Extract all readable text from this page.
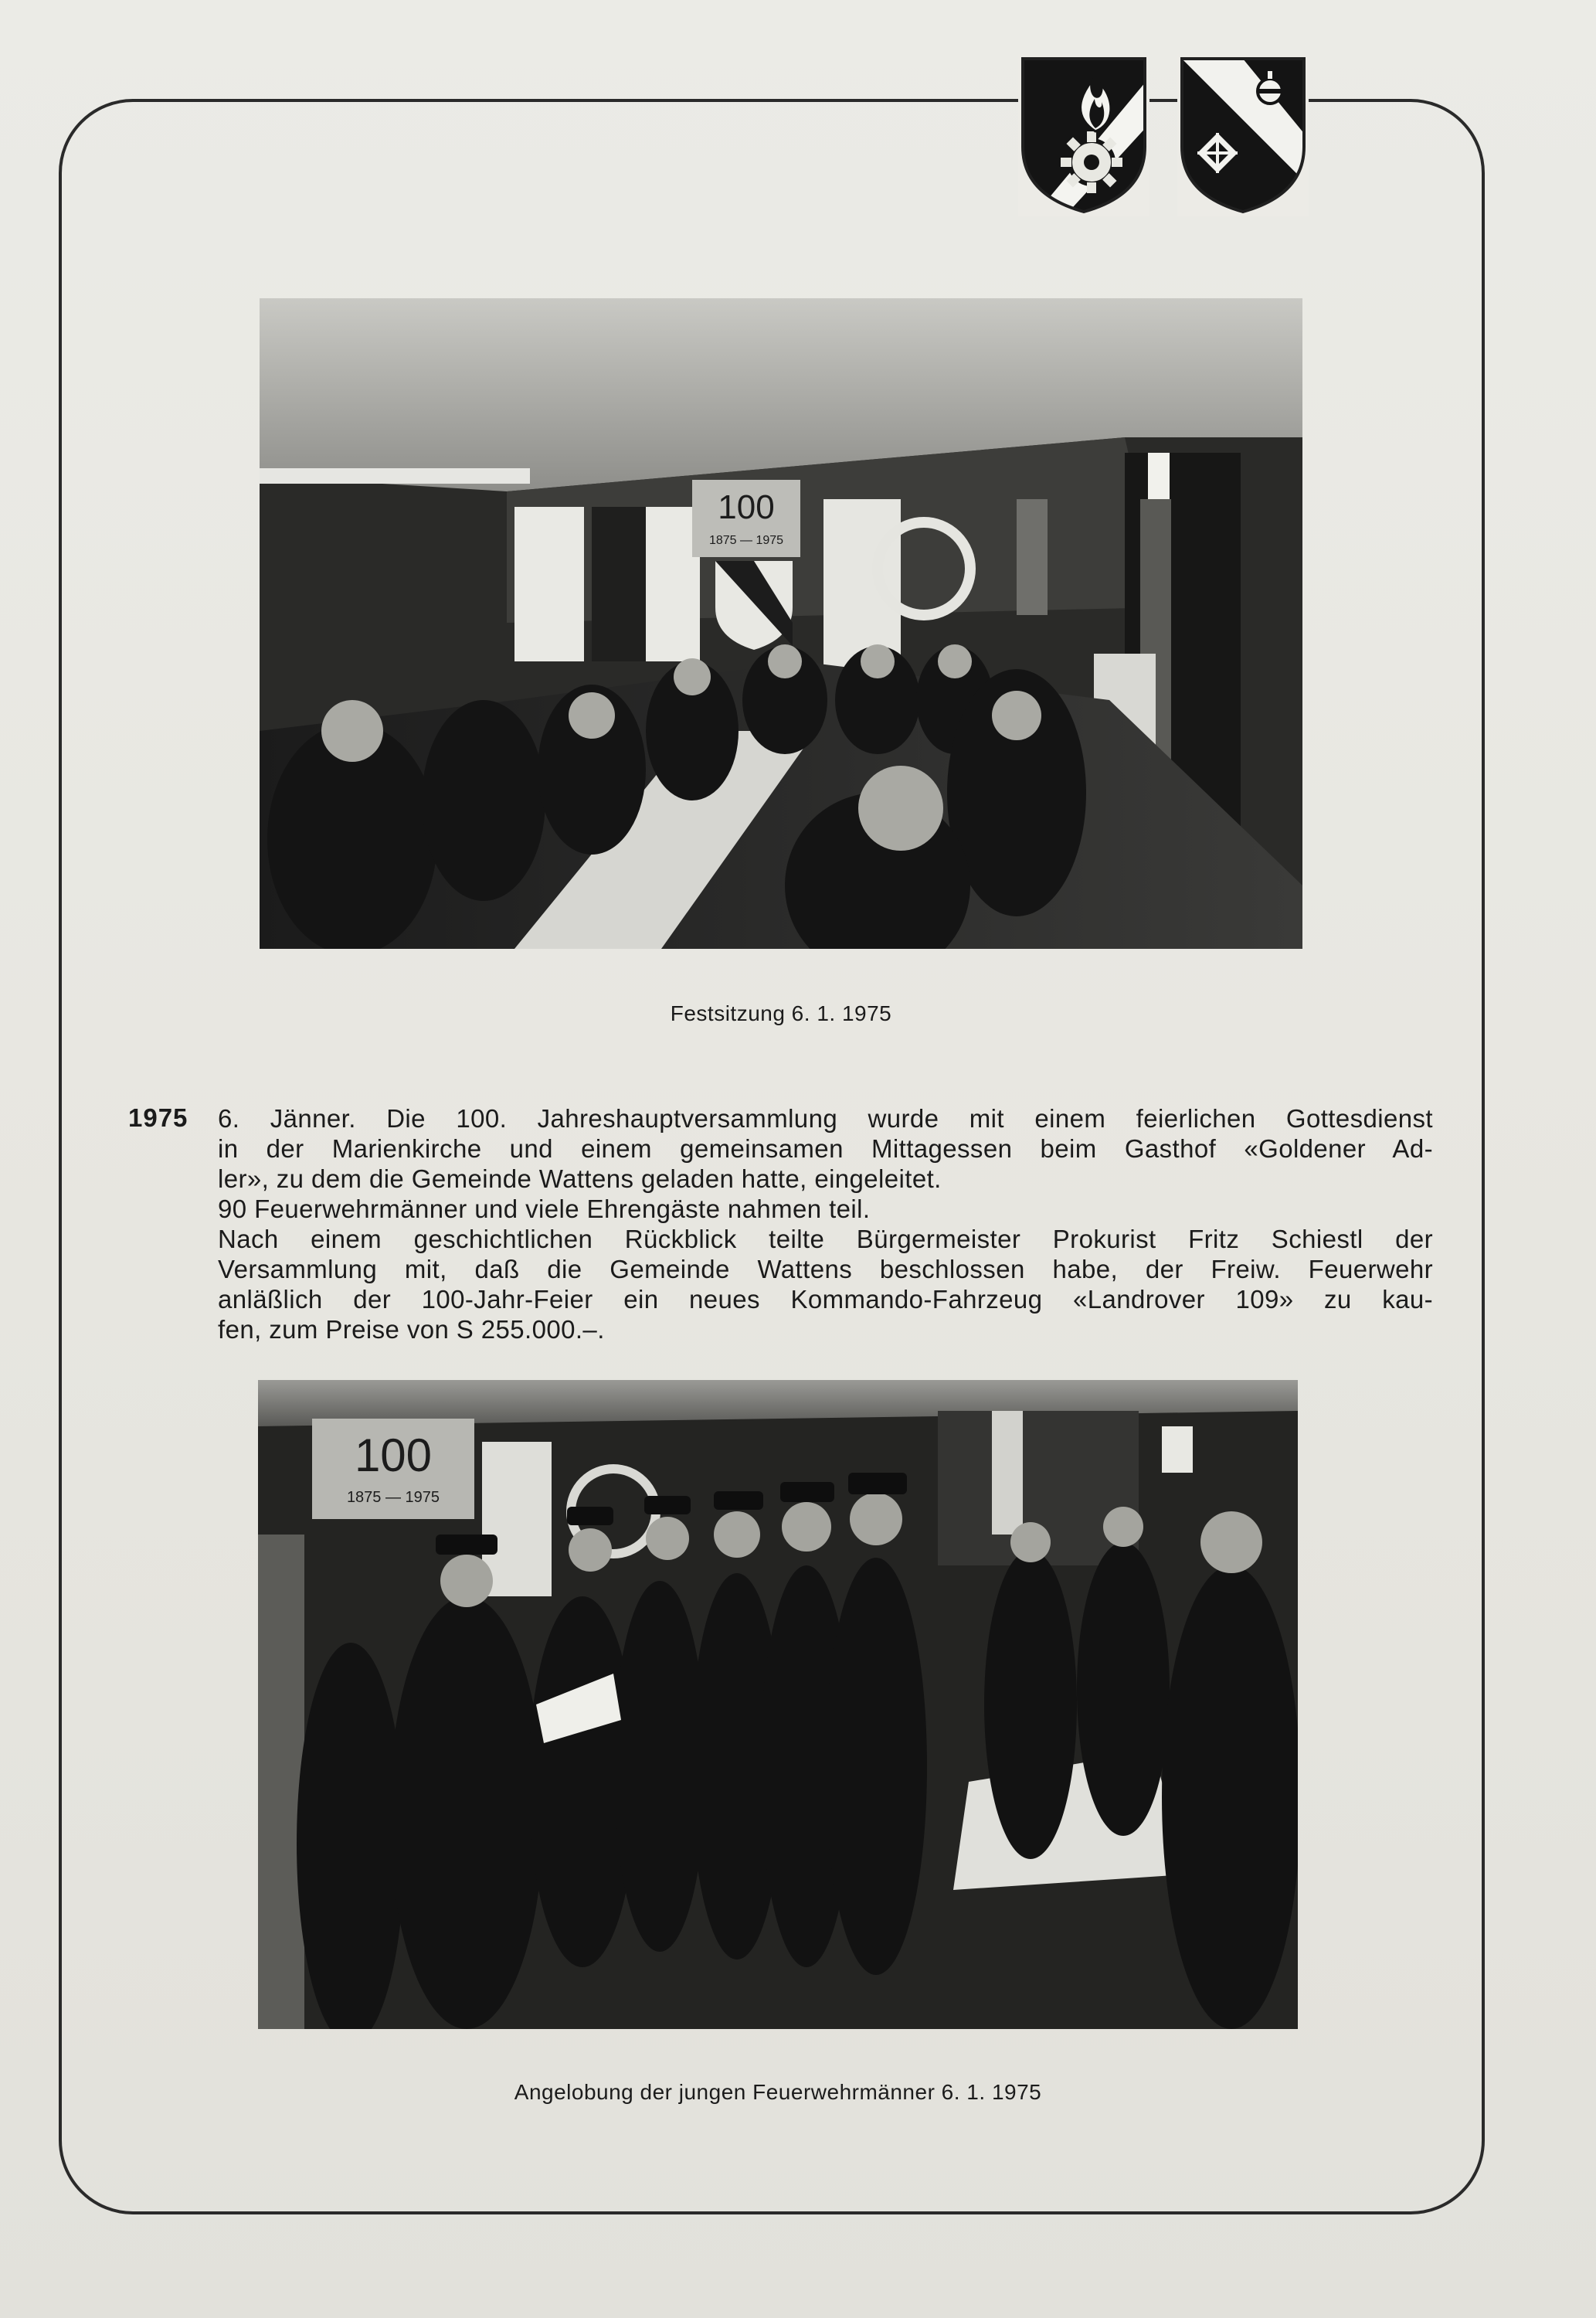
100
1875 — 1975
Festsitzung 6. 1. 1975
1975 6. Jänner. Die 100. Jahreshauptversammlung wurde mit einem feierlichen Gottesdienst
in der Marienkirche und einem gemeinsamen Mittagessen beim Gasthof «Goldener Ad-
ler», zu dem die Gemeinde Wattens geladen hatte, eingeleitet.
90 Feuerwehrmänner und viele Ehrengäste nahmen teil.
Nach einem geschichtlichen Rückblick teilte Bürgermeister Prokurist Fritz Schiestl der
Versammlung mit, daß die Gemeinde Wattens beschlossen habe, der Freiw. Feuerwehr
anläßlich der 100-Jahr-Feier ein neues Kommando-Fahrzeug «Landrover 109» zu kau-
fen, zum Preise von S 255.000.–.
100
1875 — 1975
Angelobung der jungen Feuerwehrmänner 6. 1. 1975
